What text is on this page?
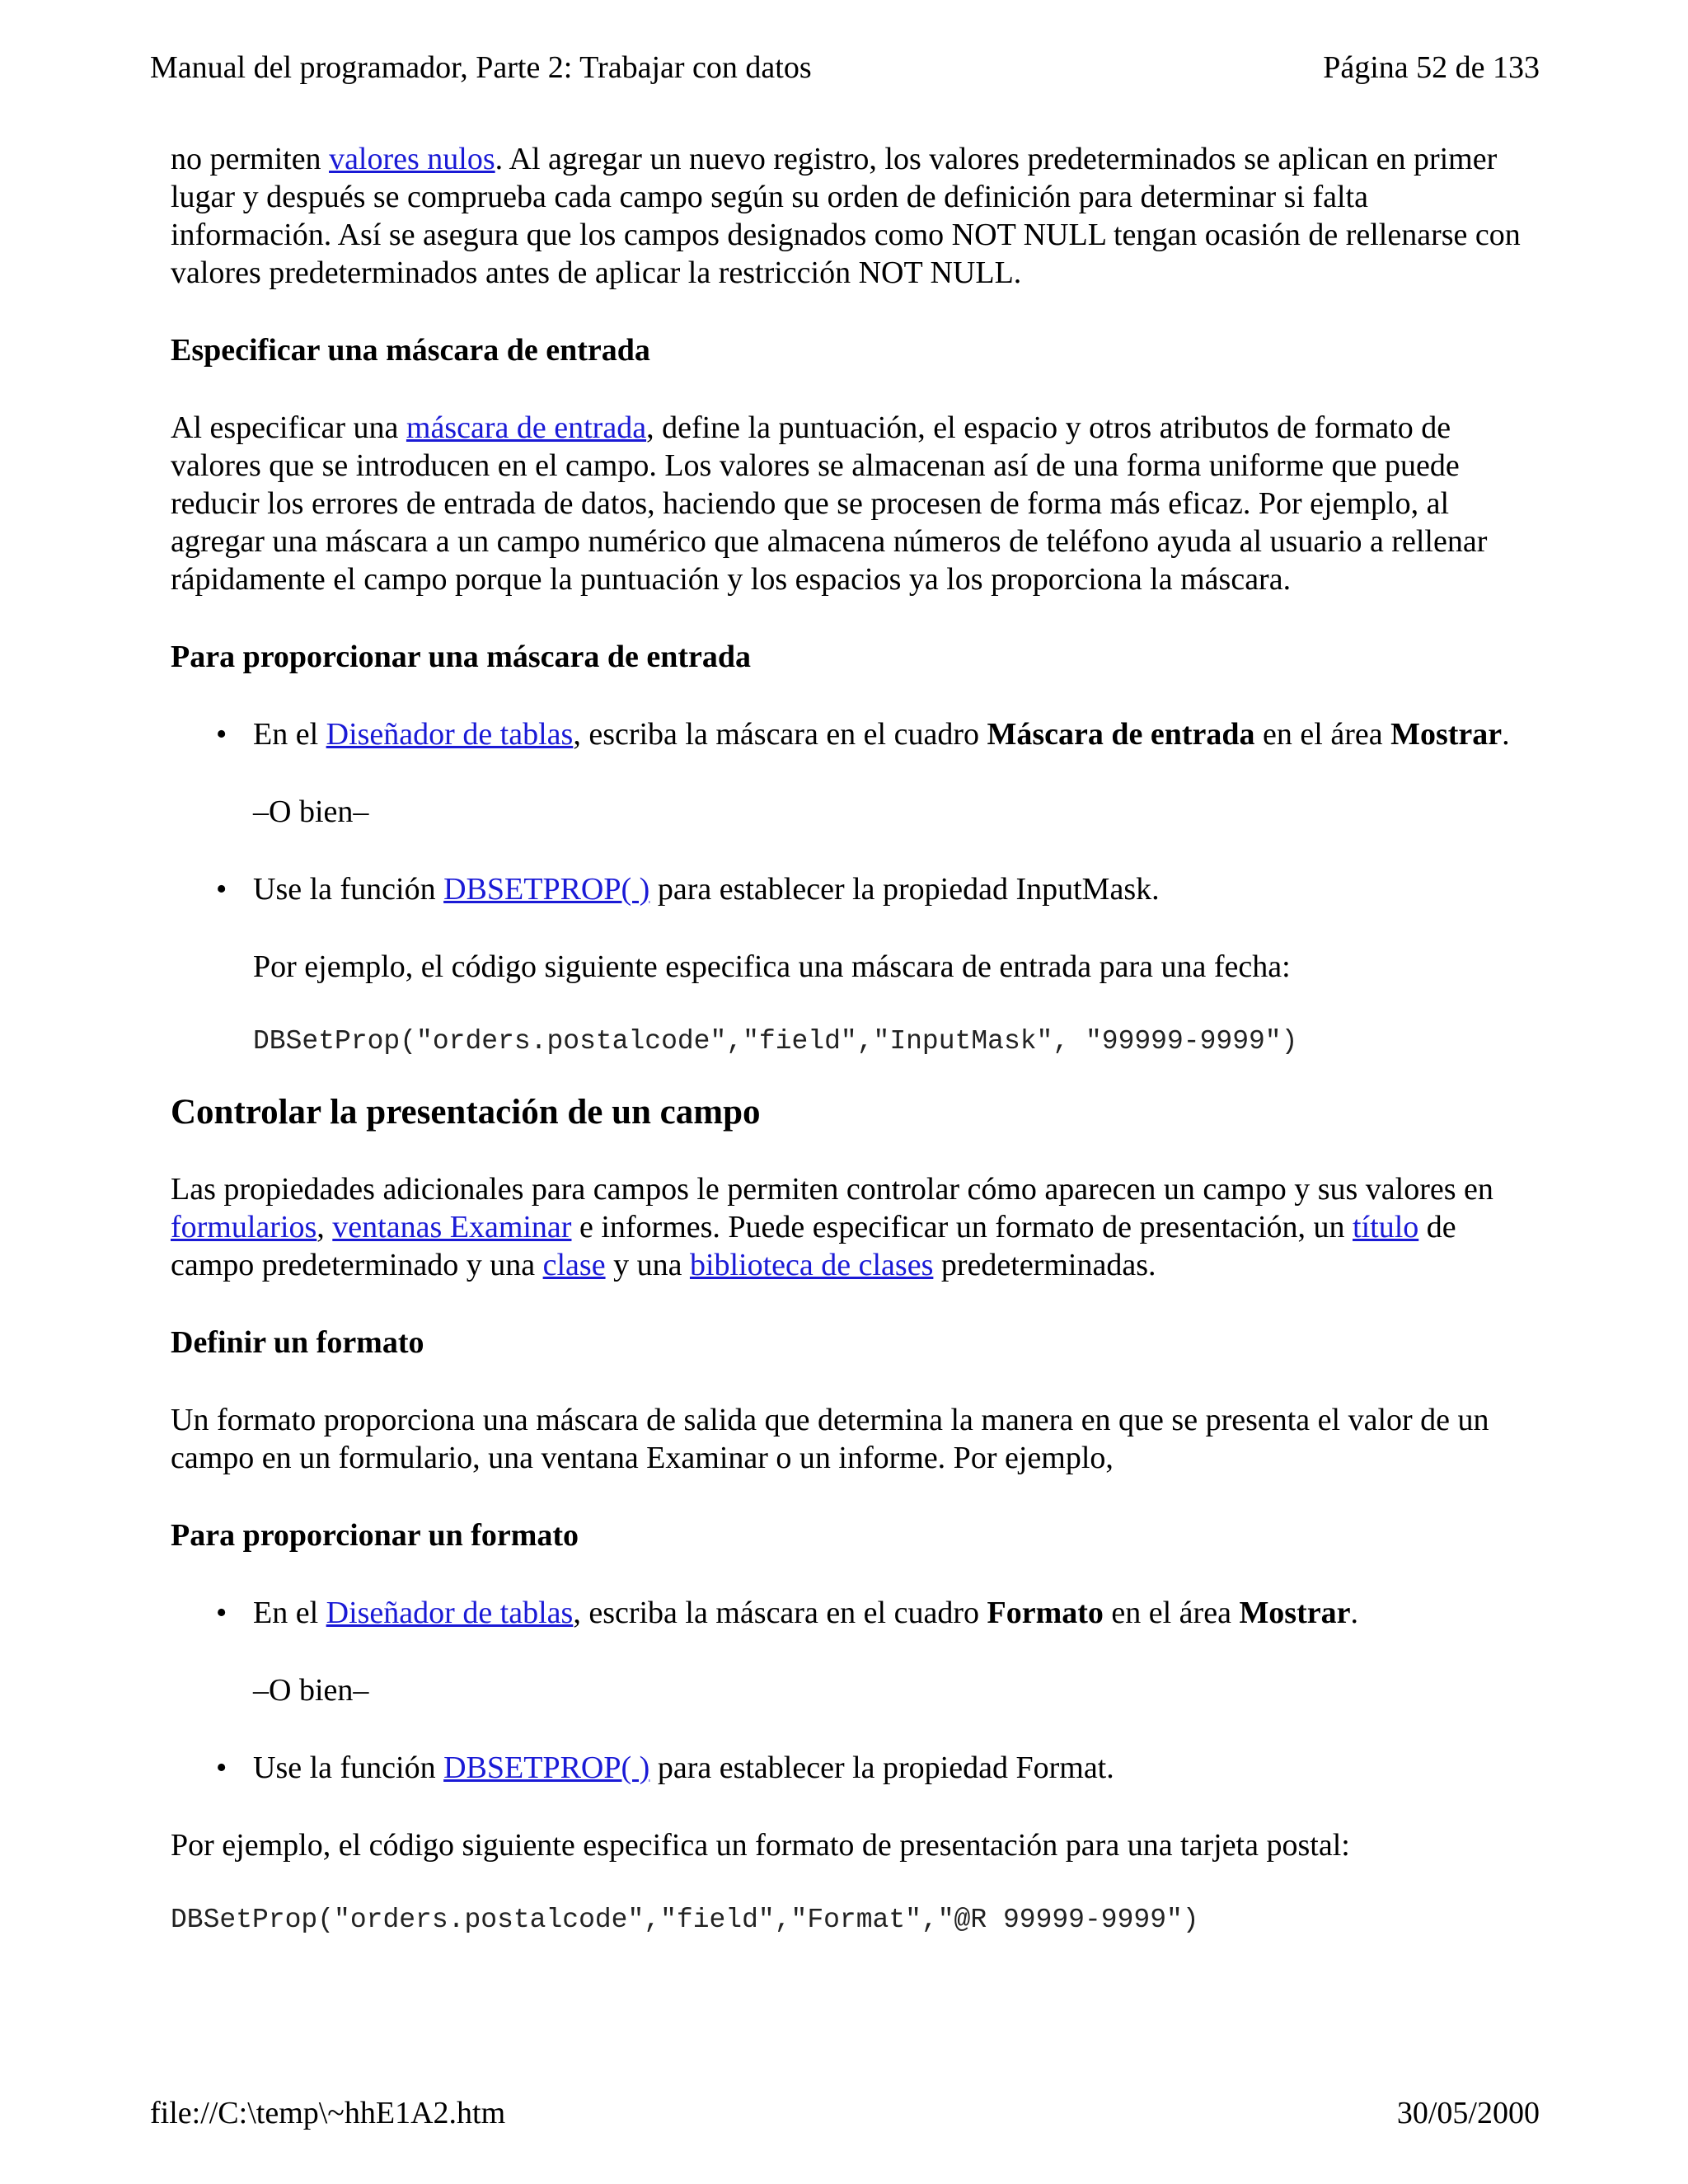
Manual del programador, Parte 2: Trabajar con datos	Página 52 de 133

no permiten valores nulos. Al agregar un nuevo registro, los valores predeterminados se aplican en primer lugar y después se comprueba cada campo según su orden de definición para determinar si falta información. Así se asegura que los campos designados como NOT NULL tengan ocasión de rellenarse con valores predeterminados antes de aplicar la restricción NOT NULL.

Especificar una máscara de entrada

Al especificar una máscara de entrada, define la puntuación, el espacio y otros atributos de formato de valores que se introducen en el campo. Los valores se almacenan así de una forma uniforme que puede reducir los errores de entrada de datos, haciendo que se procesen de forma más eficaz. Por ejemplo, al agregar una máscara a un campo numérico que almacena números de teléfono ayuda al usuario a rellenar rápidamente el campo porque la puntuación y los espacios ya los proporciona la máscara.

Para proporcionar una máscara de entrada

• En el Diseñador de tablas, escriba la máscara en el cuadro Máscara de entrada en el área Mostrar.

–O bien–

• Use la función DBSETPROP( ) para establecer la propiedad InputMask.

Por ejemplo, el código siguiente especifica una máscara de entrada para una fecha:

DBSetProp("orders.postalcode","field","InputMask", "99999-9999")

Controlar la presentación de un campo

Las propiedades adicionales para campos le permiten controlar cómo aparecen un campo y sus valores en formularios, ventanas Examinar e informes. Puede especificar un formato de presentación, un título de campo predeterminado y una clase y una biblioteca de clases predeterminadas.

Definir un formato

Un formato proporciona una máscara de salida que determina la manera en que se presenta el valor de un campo en un formulario, una ventana Examinar o un informe. Por ejemplo,

Para proporcionar un formato

• En el Diseñador de tablas, escriba la máscara en el cuadro Formato en el área Mostrar.

–O bien–

• Use la función DBSETPROP( ) para establecer la propiedad Format.

Por ejemplo, el código siguiente especifica un formato de presentación para una tarjeta postal:

DBSetProp("orders.postalcode","field","Format","@R 99999-9999")

file://C:\temp\~hhE1A2.htm	30/05/2000
